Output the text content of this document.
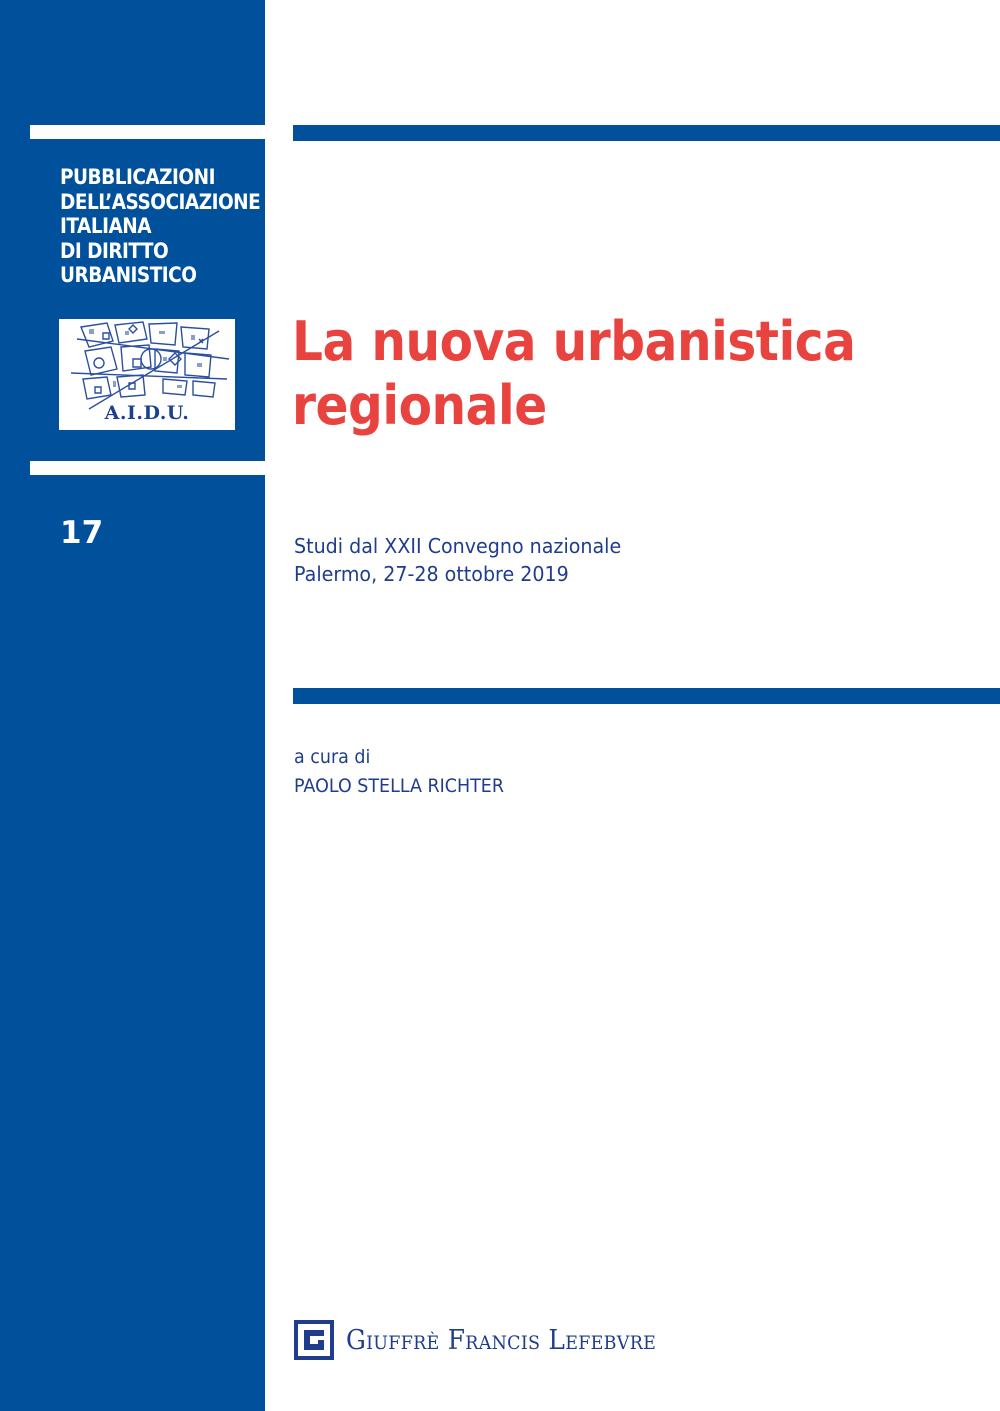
PUBBLICAZIONI
DELL’ASSOCIAZIONE
ITALIANA
DI DIRITTO
URBANISTICO
A.I.D.U.
17
La nuova urbanistica
regionale
Studi dal XXII Convegno nazionale
Palermo, 27-28 ottobre 2019
a cura di
PAOLO STELLA RICHTER
Giuffrè Francis Lefebvre
